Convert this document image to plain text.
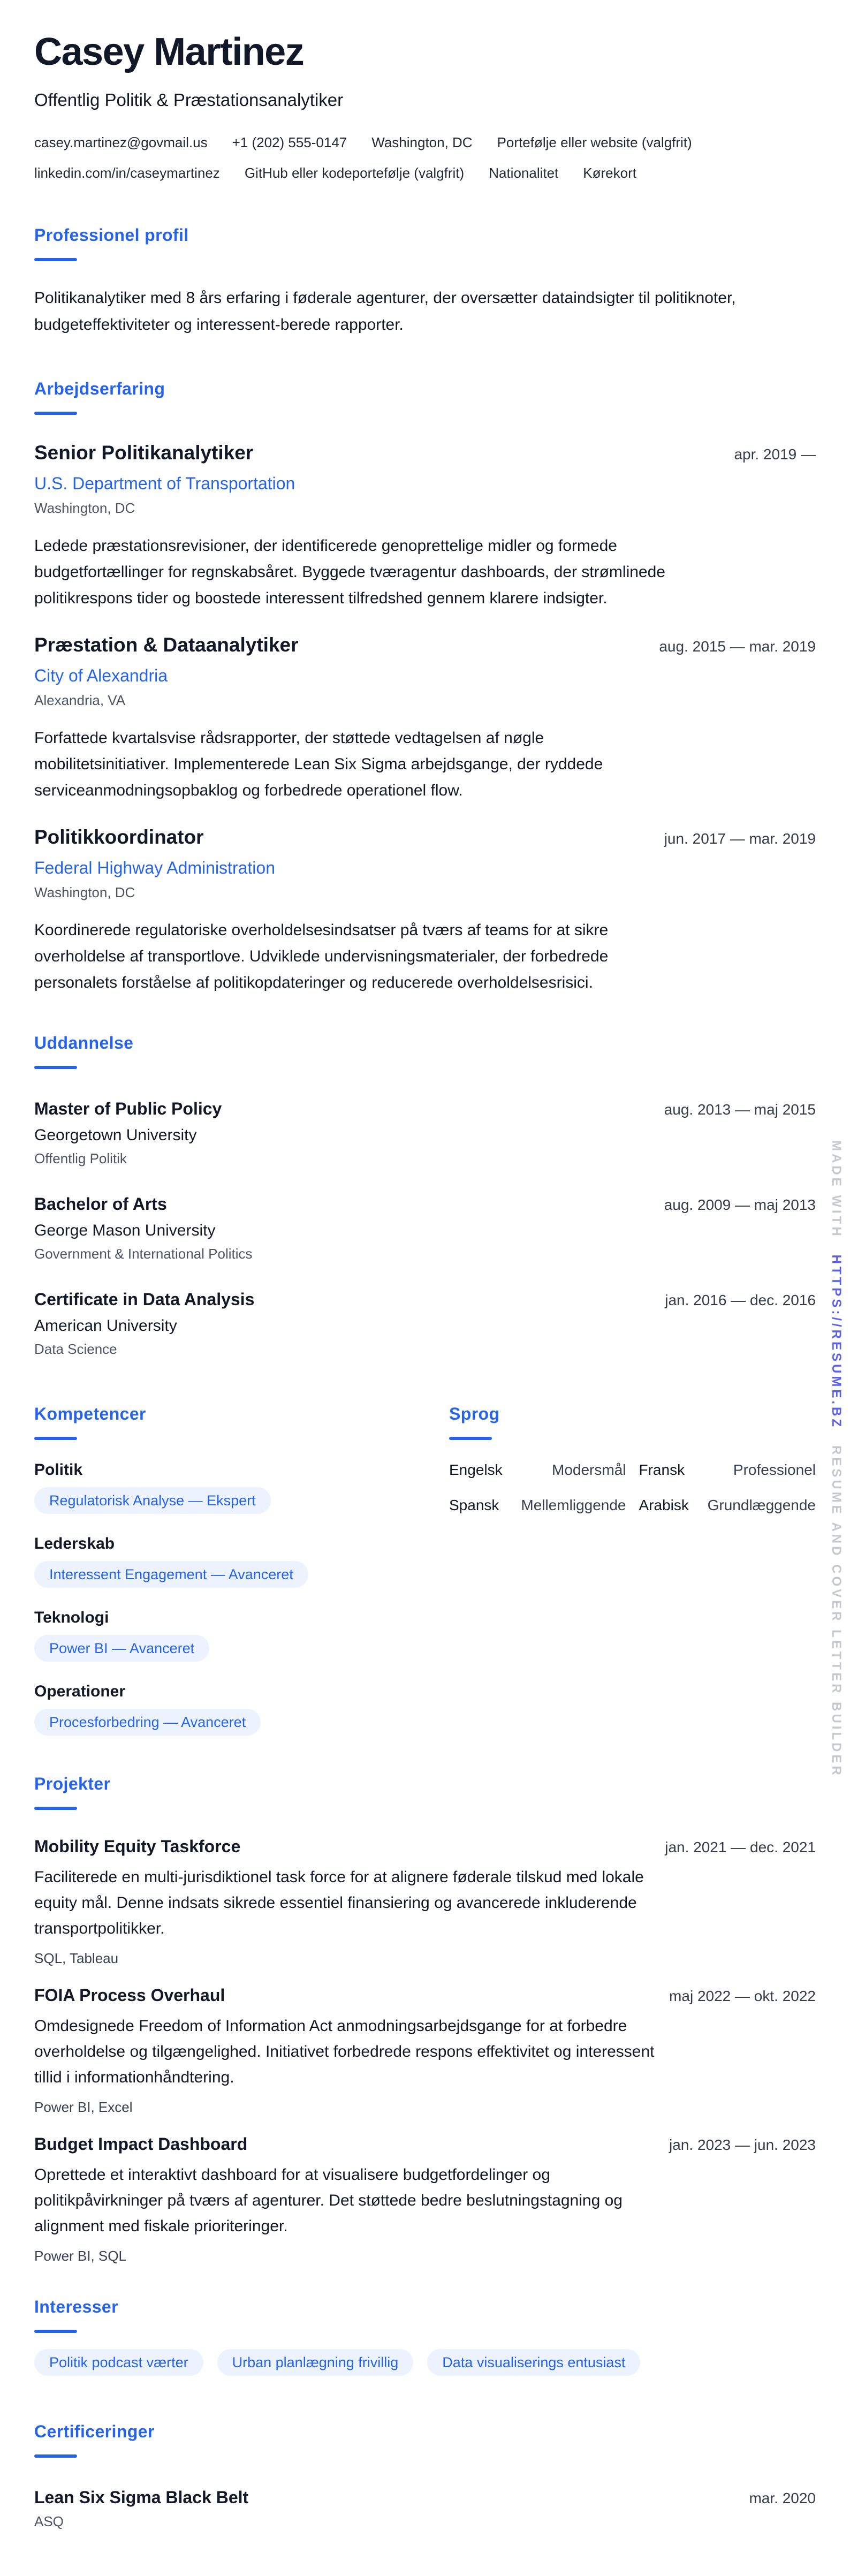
Casey Martinez
Offentlig Politik & Præstationsanalytiker
casey.martinez@govmail.us +1 (202) 555-0147 Washington, DC Portefølje eller website (valgfrit)
linkedin.com/in/caseymartinez GitHub eller kodeportefølje (valgfrit) Nationalitet Kørekort
Professionel profil

Politikanalytiker med 8 års erfaring i føderale agenturer, der oversætter dataindsigter til politiknoter, budgeteffektiviteter og interessent-berede rapporter.

Arbejdserfaring
Senior Politikanalytiker	apr. 2019 —
U.S. Department of Transportation
Washington, DC

Ledede præstationsrevisioner, der identificerede genoprettelige midler og formede budgetfortællinger for regnskabsåret. Byggede tværagentur dashboards, der strømlinede politikrespons tider og boostede interessent tilfredshed gennem klarere indsigter.

Præstation & Dataanalytiker	aug. 2015 — mar. 2019
City of Alexandria
Alexandria, VA

Forfattede kvartalsvise rådsrapporter, der støttede vedtagelsen af nøgle mobilitetsinitiativer. Implementerede Lean Six Sigma arbejdsgange, der ryddede serviceanmodningsopbaklog og forbedrede operationel flow.

Politikkoordinator	jun. 2017 — mar. 2019
Federal Highway Administration
Washington, DC

Koordinerede regulatoriske overholdelsesindsatser på tværs af teams for at sikre overholdelse af transportlove. Udviklede undervisningsmaterialer, der forbedrede personalets forståelse af politikopdateringer og reducerede overholdelsesrisici.

Uddannelse
Master of Public Policy	aug. 2013 — maj 2015
Georgetown University
Offentlig Politik
Bachelor of Arts	aug. 2009 — maj 2013
George Mason University
Government & International Politics
Certificate in Data Analysis	jan. 2016 — dec. 2016
American University
Data Science
Kompetencer
Politik
Regulatorisk Analyse — Ekspert
Lederskab
Interessent Engagement — Avanceret
Teknologi
Power BI — Avanceret
Operationer
Procesforbedring — Avanceret
Sprog
Engelsk	Modersmål Fransk	Professionel
Spansk Mellemliggende Arabisk Grundlæggende
Projekter
Mobility Equity Taskforce	jan. 2021 — dec. 2021

Faciliterede en multi-jurisdiktionel task force for at alignere føderale tilskud med lokale equity mål. Denne indsats sikrede essentiel finansiering og avancerede inkluderende transportpolitikker.

SQL, Tableau
FOIA Process Overhaul	maj 2022 — okt. 2022

Omdesignede Freedom of Information Act anmodningsarbejdsgange for at forbedre overholdelse og tilgængelighed. Initiativet forbedrede respons effektivitet og interessent tillid i informationhåndtering.

Power BI, Excel
Budget Impact Dashboard	jan. 2023 — jun. 2023

Oprettede et interaktivt dashboard for at visualisere budgetfordelinger og politikpåvirkninger på tværs af agenturer. Det støttede bedre beslutningstagning og alignment med fiskale prioriteringer.

Power BI, SQL
Interesser
Politik podcast værter	Urban planlægning frivillig	Data visualiserings entusiast
Certificeringer
Lean Six Sigma Black Belt	mar. 2020
ASQ
MADE WITHHTTPS://RESUME.BZRESUME AND COVER LETTER BUILDER
